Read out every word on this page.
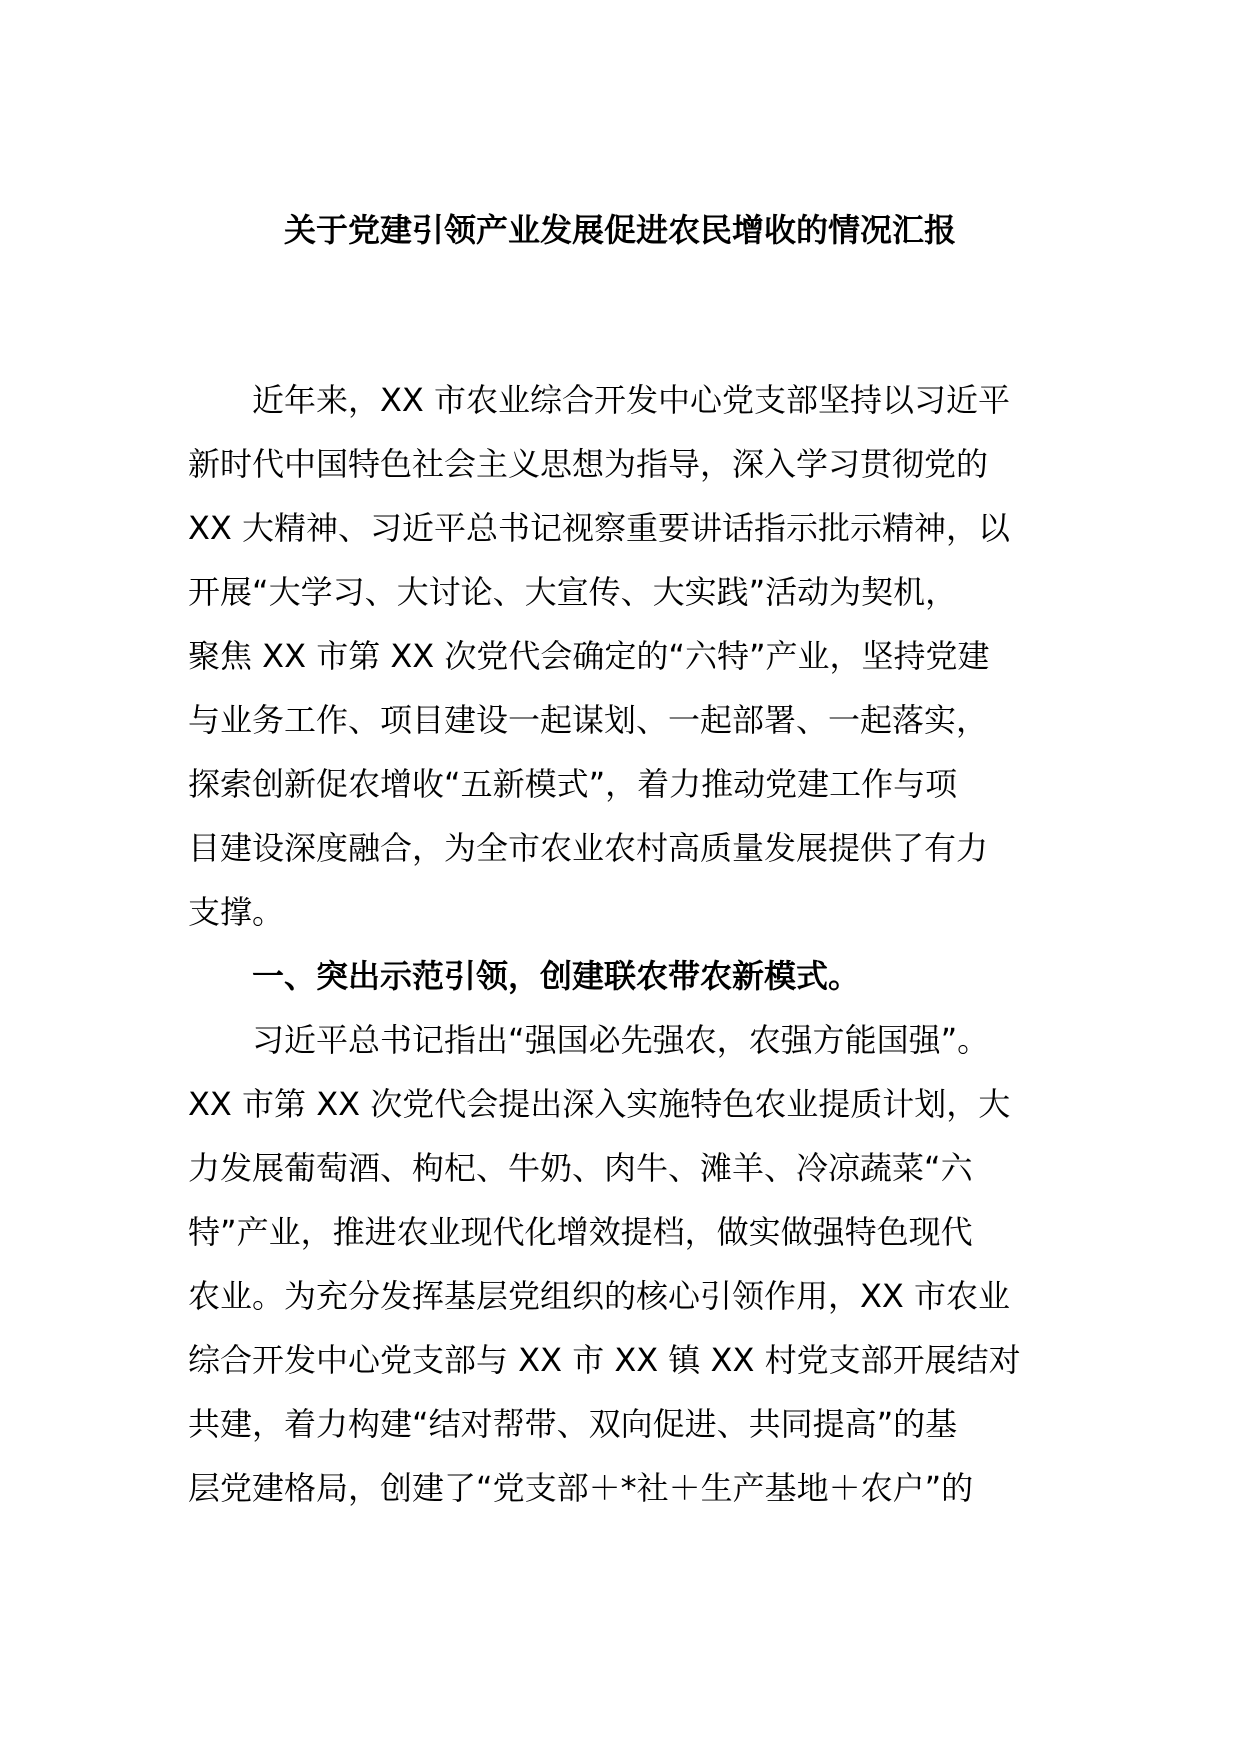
关于党建引领产业发展促进农民增收的情况汇报
近年来，XX 市农业综合开发中心党支部坚持以习近平
新时代中国特色社会主义思想为指导，深入学习贯彻党的
XX 大精神、习近平总书记视察重要讲话指示批示精神，以
开展“大学习、大讨论、大宣传、大实践”活动为契机，
聚焦 XX 市第 XX 次党代会确定的“六特”产业，坚持党建
与业务工作、项目建设一起谋划、一起部署、一起落实，
探索创新促农增收“五新模式”，着力推动党建工作与项
目建设深度融合，为全市农业农村高质量发展提供了有力
支撑。
一、突出示范引领，创建联农带农新模式。
习近平总书记指出“强国必先强农，农强方能国强”。
XX 市第 XX 次党代会提出深入实施特色农业提质计划，大
力发展葡萄酒、枸杞、牛奶、肉牛、滩羊、冷凉蔬菜“六
特”产业，推进农业现代化增效提档，做实做强特色现代
农业。为充分发挥基层党组织的核心引领作用，XX 市农业
综合开发中心党支部与 XX 市 XX 镇 XX 村党支部开展结对
共建，着力构建“结对帮带、双向促进、共同提高”的基
层党建格局，创建了“党支部＋*社＋生产基地＋农户”的
